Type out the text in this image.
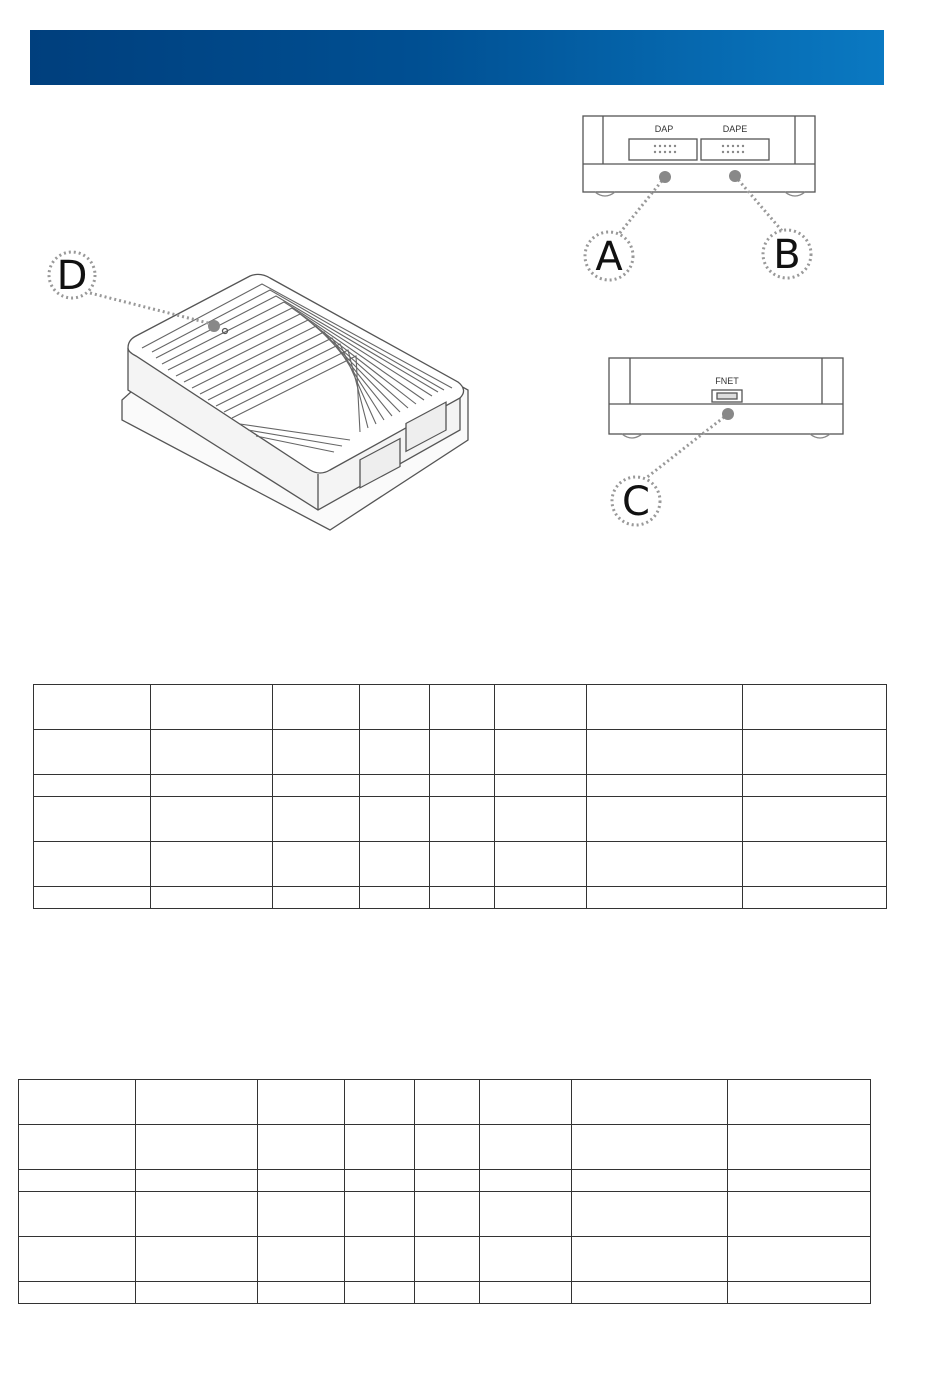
D
DAP	DAPE
A	B
FNET
C
